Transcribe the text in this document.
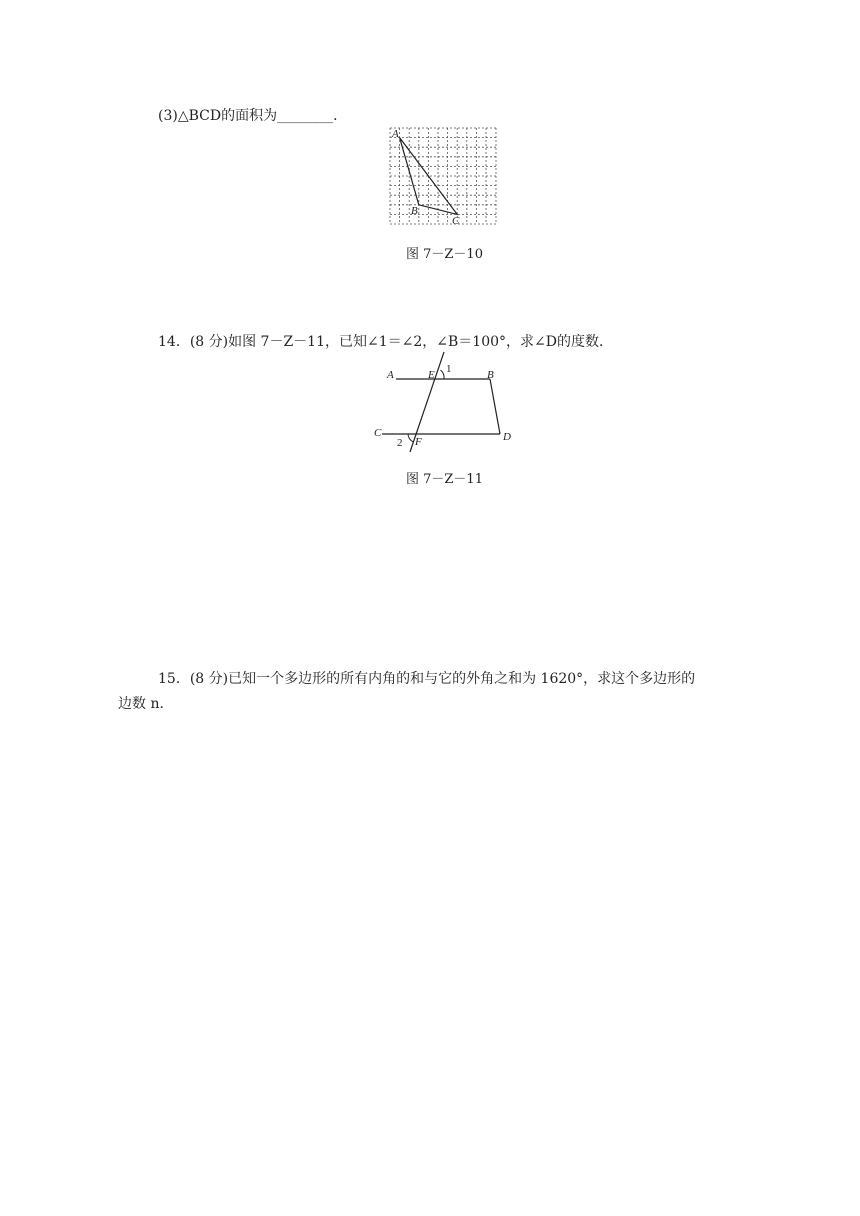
(3)△BCD的面积为________．
A
B
C
图 7－Z－10
14．(8 分)如图 7－Z－11，已知∠1＝∠2，∠B＝100°，求∠D的度数．
A	E 1	B
C
2 F	D
图 7－Z－11
15．(8 分)已知一个多边形的所有内角的和与它的外角之和为 1620°，求这个多边形的
边数 n.
